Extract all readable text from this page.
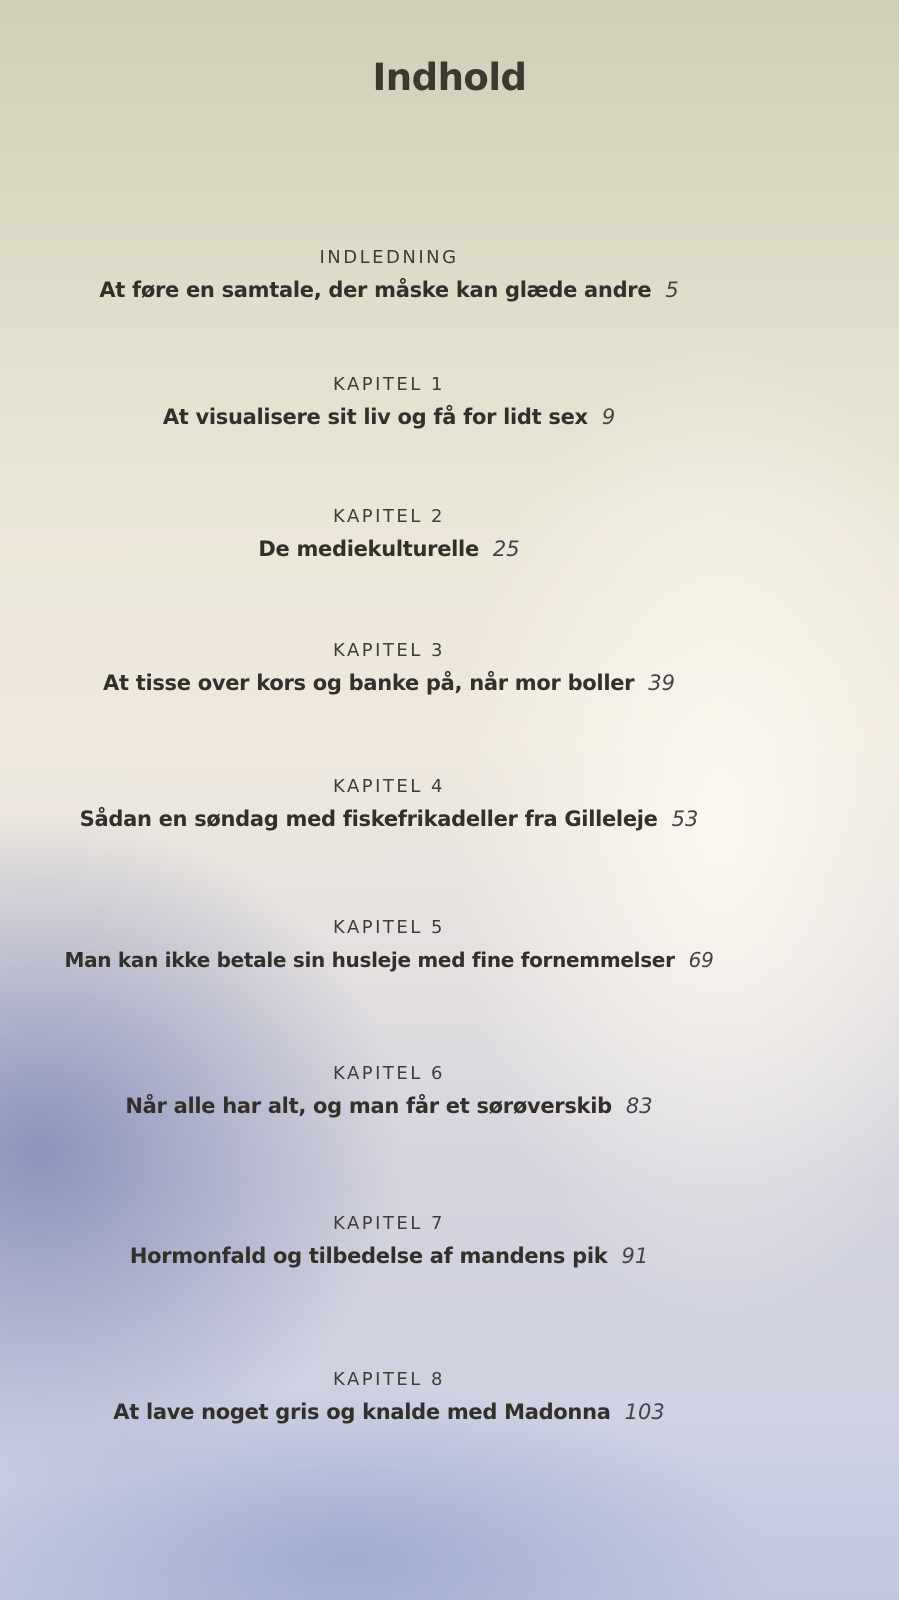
Indhold
INDLEDNING
At føre en samtale, der måske kan glæde andre 5
KAPITEL 1
At visualisere sit liv og få for lidt sex 9
KAPITEL 2
De mediekulturelle 25
KAPITEL 3
At tisse over kors og banke på, når mor boller 39
KAPITEL 4
Sådan en søndag med fiskefrikadeller fra Gilleleje 53
KAPITEL 5
Man kan ikke betale sin husleje med fine fornemmelser 69
KAPITEL 6
Når alle har alt, og man får et sørøverskib 83
KAPITEL 7
Hormonfald og tilbedelse af mandens pik 91
KAPITEL 8
At lave noget gris og knalde med Madonna 103
